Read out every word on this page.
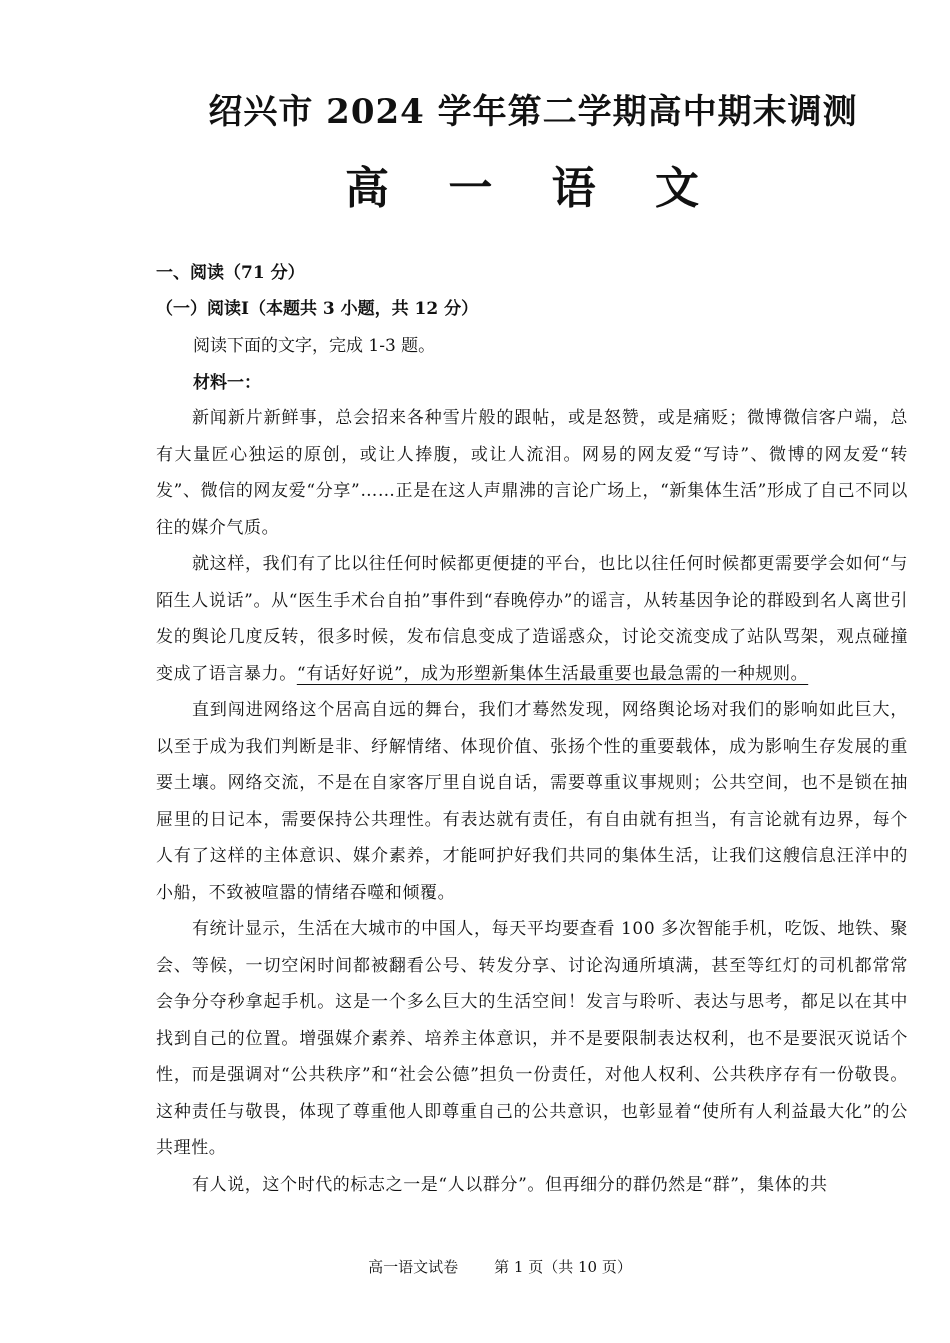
绍兴市 2024 学年第二学期高中期末调测
高 一 语 文

一、阅读（71 分）

（一）阅读Ⅰ（本题共 3 小题，共 12 分）

阅读下面的文字，完成 1-3 题。

材料一：

新闻新片新鲜事，总会招来各种雪片般的跟帖，或是怒赞，或是痛贬；微博微信客户端，总有大量匠心独运的原创，或让人捧腹，或让人流泪。网易的网友爱“写诗”、微博的网友爱“转发”、微信的网友爱“分享”……正是在这人声鼎沸的言论广场上，“新集体生活”形成了自己不同以往的媒介气质。

就这样，我们有了比以往任何时候都更便捷的平台，也比以往任何时候都更需要学会如何“与陌生人说话”。从“医生手术台自拍”事件到“春晚停办”的谣言，从转基因争论的群殴到名人离世引发的舆论几度反转，很多时候，发布信息变成了造谣惑众，讨论交流变成了站队骂架，观点碰撞变成了语言暴力。“有话好好说”，成为形塑新集体生活最重要也最急需的一种规则。

直到闯进网络这个居高自远的舞台，我们才蓦然发现，网络舆论场对我们的影响如此巨大，以至于成为我们判断是非、纾解情绪、体现价值、张扬个性的重要载体，成为影响生存发展的重要土壤。网络交流，不是在自家客厅里自说自话，需要尊重议事规则；公共空间，也不是锁在抽屉里的日记本，需要保持公共理性。有表达就有责任，有自由就有担当，有言论就有边界，每个人有了这样的主体意识、媒介素养，才能呵护好我们共同的集体生活，让我们这艘信息汪洋中的小船，不致被喧嚣的情绪吞噬和倾覆。

有统计显示，生活在大城市的中国人，每天平均要查看 100 多次智能手机，吃饭、地铁、聚会、等候，一切空闲时间都被翻看公号、转发分享、讨论沟通所填满，甚至等红灯的司机都常常会争分夺秒拿起手机。这是一个多么巨大的生活空间！发言与聆听、表达与思考，都足以在其中找到自己的位置。增强媒介素养、培养主体意识，并不是要限制表达权利，也不是要泯灭说话个性，而是强调对“公共秩序”和“社会公德”担负一份责任，对他人权利、公共秩序存有一份敬畏。这种责任与敬畏，体现了尊重他人即尊重自己的公共意识，也彰显着“使所有人利益最大化”的公共理性。

有人说，这个时代的标志之一是“人以群分”。但再细分的群仍然是“群”，集体的共

高一语文试卷 第 1 页（共 10 页）
